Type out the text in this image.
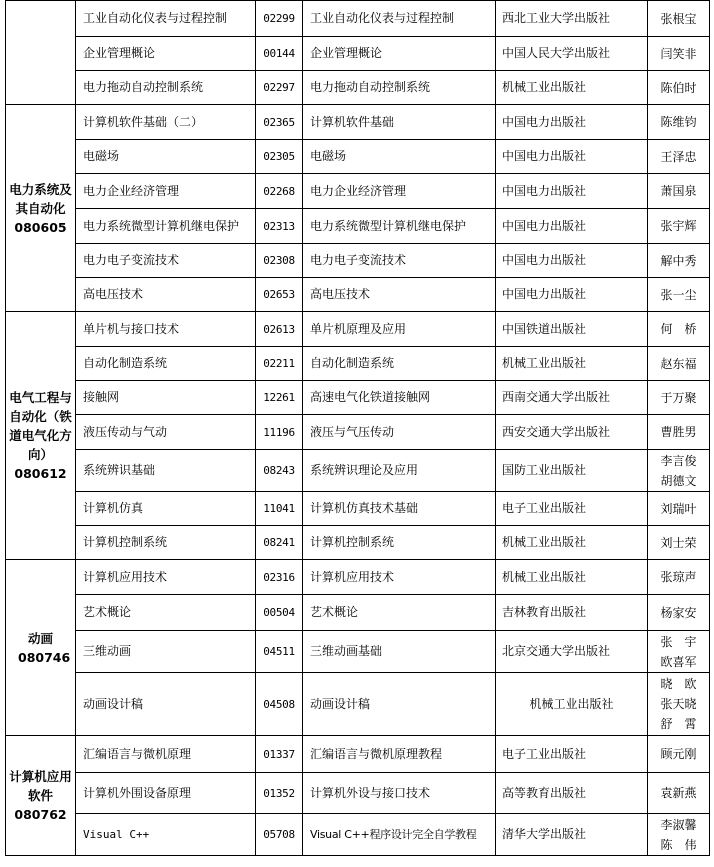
	工业自动化仪表与过程控制	02299	工业自动化仪表与过程控制	西北工业大学出版社	张根宝
	企业管理概论	00144	企业管理概论	中国人民大学出版社	闫笑非
	电力拖动自动控制系统	02297	电力拖动自动控制系统	机械工业出版社	陈伯时
电力系统及其自动化 080605	计算机软件基础（二）	02365	计算机软件基础	中国电力出版社	陈维钧
	电磁场	02305	电磁场	中国电力出版社	王泽忠
	电力企业经济管理	02268	电力企业经济管理	中国电力出版社	萧国泉
	电力系统微型计算机继电保护	02313	电力系统微型计算机继电保护	中国电力出版社	张宇辉
	电力电子变流技术	02308	电力电子变流技术	中国电力出版社	解中秀
	高电压技术	02653	高电压技术	中国电力出版社	张一尘
电气工程与自动化（铁道电气化方向）080612	单片机与接口技术	02613	单片机原理及应用	中国铁道出版社	何　桥
	自动化制造系统	02211	自动化制造系统	机械工业出版社	赵东福
	接触网	12261	高速电气化铁道接触网	西南交通大学出版社	于万聚
	液压传动与气动	11196	液压与气压传动	西安交通大学出版社	曹胜男
	系统辨识基础	08243	系统辨识理论及应用	国防工业出版社	李言俊 胡德文
	计算机仿真	11041	计算机仿真技术基础	电子工业出版社	刘瑞叶
	计算机控制系统	08241	计算机控制系统	机械工业出版社	刘士荣
动画 080746	计算机应用技术	02316	计算机应用技术	机械工业出版社	张琼声
	艺术概论	00504	艺术概论	吉林教育出版社	杨家安
	三维动画	04511	三维动画基础	北京交通大学出版社	张　宇 欧喜军
	动画设计稿	04508	动画设计稿	机械工业出版社	晓　欧 张天晓 舒　霄
计算机应用软件 080762	汇编语言与微机原理	01337	汇编语言与微机原理教程	电子工业出版社	顾元刚
	计算机外围设备原理	01352	计算机外设与接口技术	高等教育出版社	袁新燕
	Visual C++	05708	Visual C++程序设计完全自学教程	清华大学出版社	李淑馨 陈　伟
